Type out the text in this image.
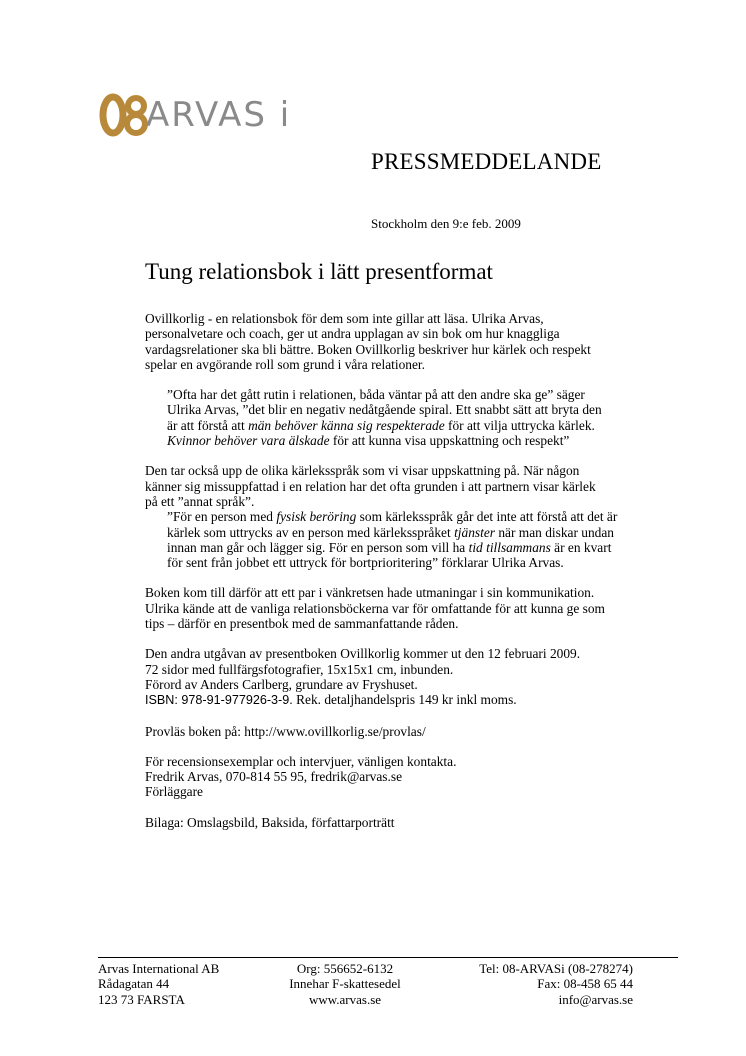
ARVAS i
PRESSMEDDELANDE
Stockholm den 9:e feb. 2009
Tung relationsbok i lätt presentformat

Ovillkorlig - en relationsbok för dem som inte gillar att läsa. Ulrika Arvas,
personalvetare och coach, ger ut andra upplagan av sin bok om hur knaggliga
vardagsrelationer ska bli bättre. Boken Ovillkorlig beskriver hur kärlek och respekt
spelar en avgörande roll som grund i våra relationer.

”Ofta har det gått rutin i relationen, båda väntar på att den andre ska ge” säger
Ulrika Arvas, ”det blir en negativ nedåtgående spiral. Ett snabbt sätt att bryta den
är att förstå att män behöver känna sig respekterade för att vilja uttrycka kärlek.
Kvinnor behöver vara älskade för att kunna visa uppskattning och respekt”

Den tar också upp de olika kärleksspråk som vi visar uppskattning på. När någon
känner sig missuppfattad i en relation har det ofta grunden i att partnern visar kärlek
på ett ”annat språk”.

”För en person med fysisk beröring som kärleksspråk går det inte att förstå att det är
kärlek som uttrycks av en person med kärleksspråket tjänster när man diskar undan
innan man går och lägger sig. För en person som vill ha tid tillsammans är en kvart
för sent från jobbet ett uttryck för bortprioritering” förklarar Ulrika Arvas.

Boken kom till därför att ett par i vänkretsen hade utmaningar i sin kommunikation.
Ulrika kände att de vanliga relationsböckerna var för omfattande för att kunna ge som
tips – därför en presentbok med de sammanfattande råden.

Den andra utgåvan av presentboken Ovillkorlig kommer ut den 12 februari 2009.
72 sidor med fullfärgsfotografier, 15x15x1 cm, inbunden.
Förord av Anders Carlberg, grundare av Fryshuset.
ISBN: 978-91-977926-3-9. Rek. detaljhandelspris 149 kr inkl moms.

Provläs boken på: http://www.ovillkorlig.se/provlas/

För recensionsexemplar och intervjuer, vänligen kontakta.
Fredrik Arvas, 070-814 55 95, fredrik@arvas.se
Förläggare

Bilaga: Omslagsbild, Baksida, författarporträtt

Arvas International AB
Rådagatan 44
123 73 FARSTA
Org: 556652-6132
Innehar F-skattesedel
www.arvas.se
Tel: 08-ARVASi (08-278274)
Fax: 08-458 65 44
info@arvas.se
